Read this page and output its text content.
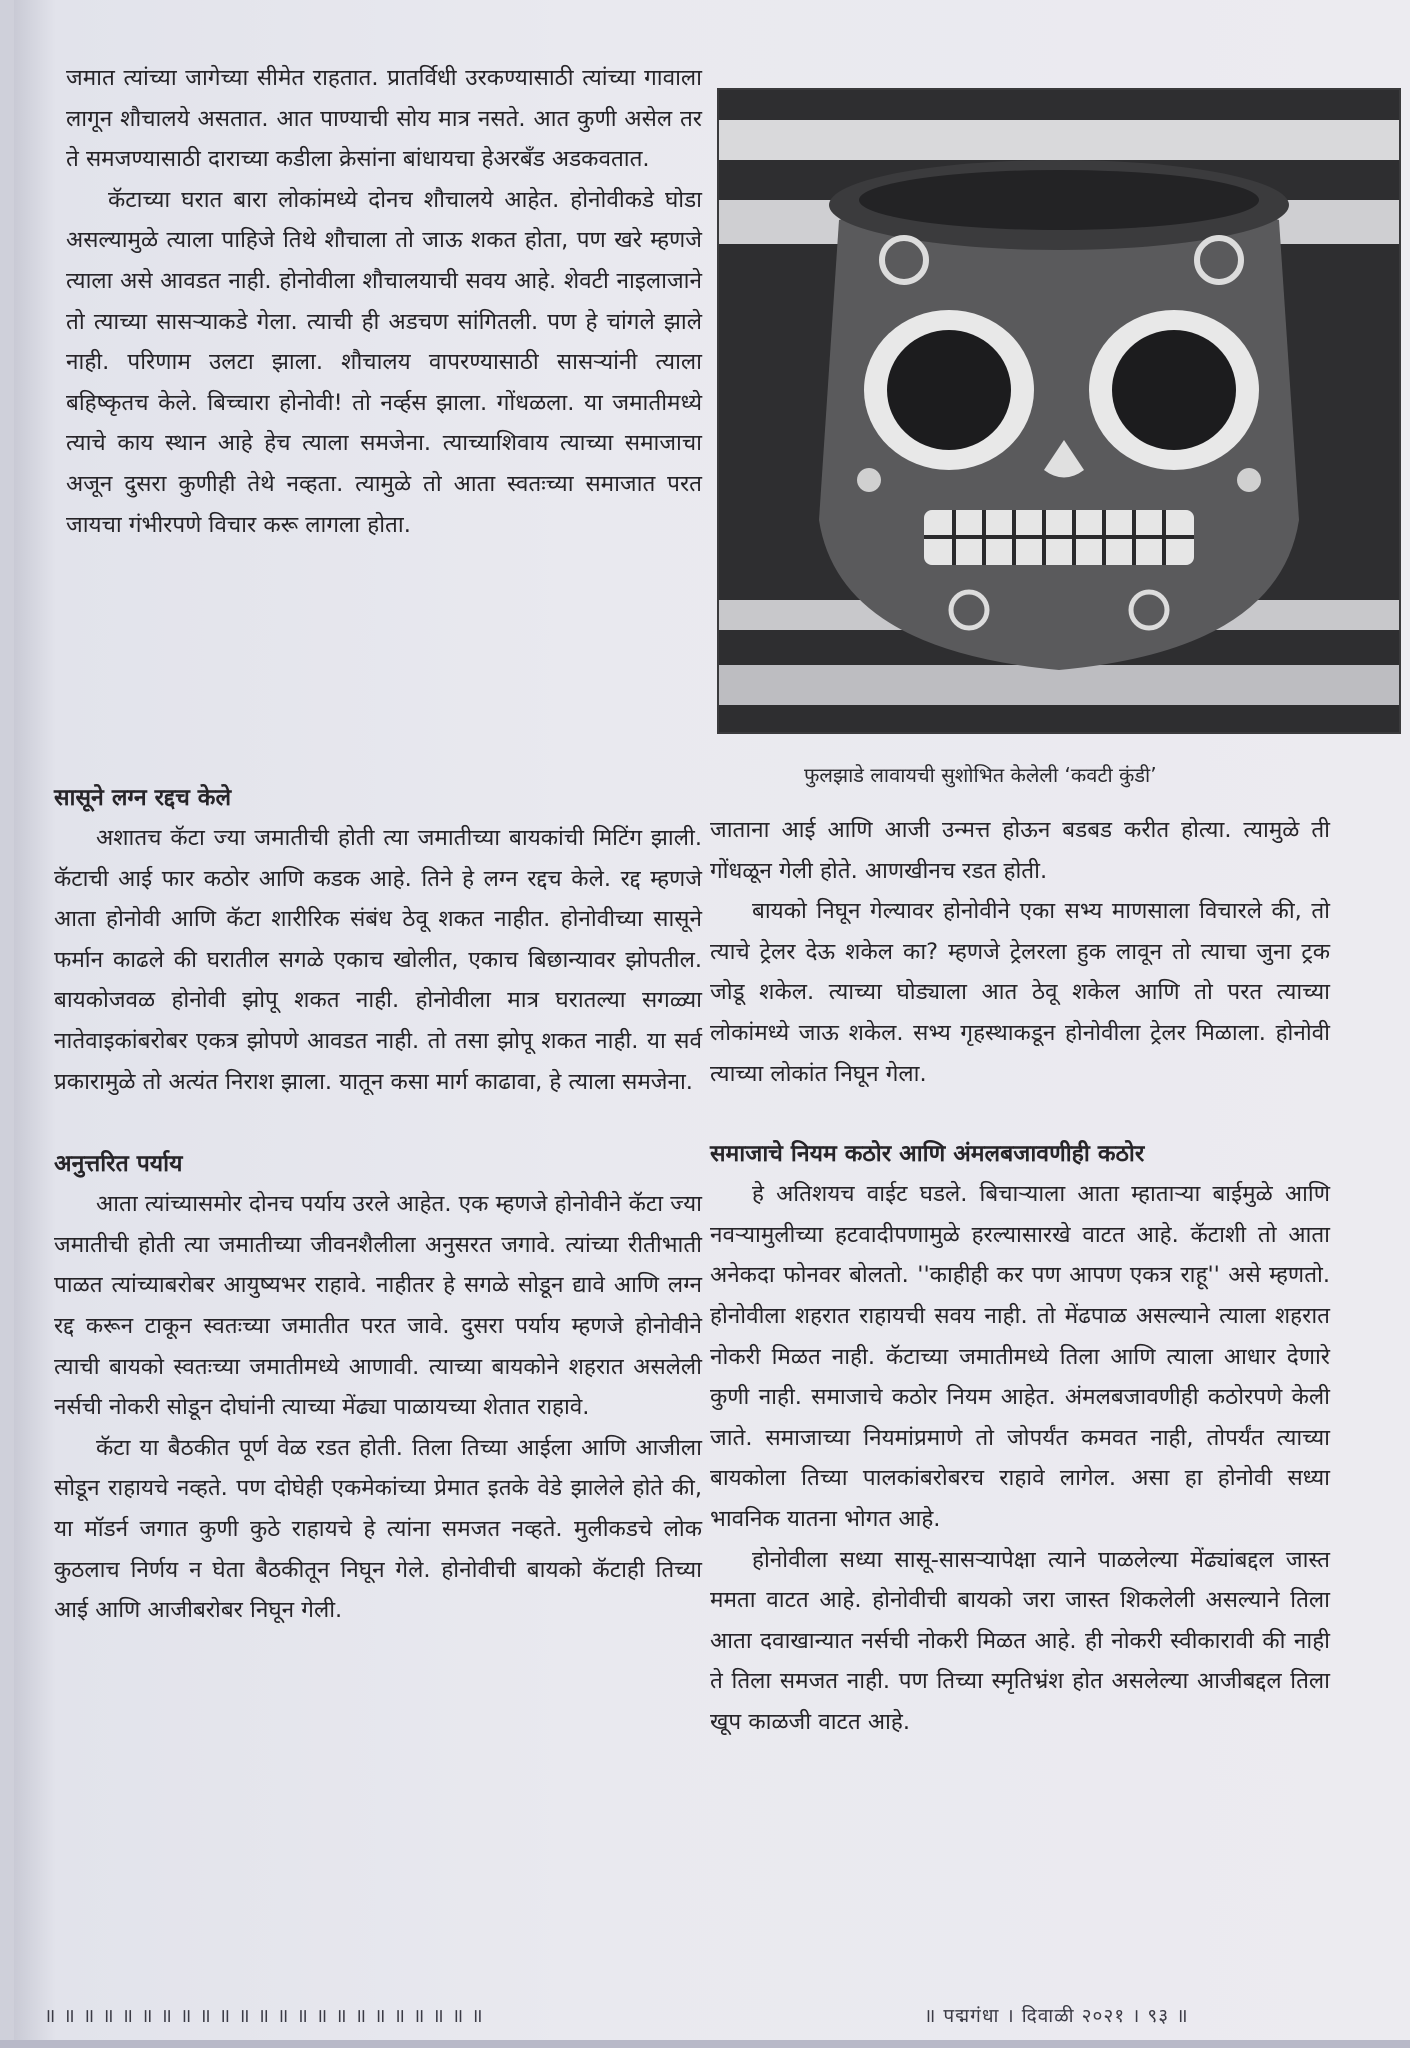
जमात त्यांच्या जागेच्या सीमेत राहतात. प्रातर्विधी उरकण्यासाठी त्यांच्या गावाला लागून शौचालये असतात. आत पाण्याची सोय मात्र नसते. आत कुणी असेल तर ते समजण्यासाठी दाराच्या कडीला क्रेसांना बांधायचा हेअरबँड अडकवतात.

कॅटाच्या घरात बारा लोकांमध्ये दोनच शौचालये आहेत. होनोवीकडे घोडा असल्यामुळे त्याला पाहिजे तिथे शौचाला तो जाऊ शकत होता, पण खरे म्हणजे त्याला असे आवडत नाही. होनोवीला शौचालयाची सवय आहे. शेवटी नाइलाजाने तो त्याच्या सासऱ्याकडे गेला. त्याची ही अडचण सांगितली. पण हे चांगले झाले नाही. परिणाम उलटा झाला. शौचालय वापरण्यासाठी सासऱ्यांनी त्याला बहिष्कृतच केले. बिच्चारा होनोवी! तो नर्व्हस झाला. गोंधळला. या जमातीमध्ये त्याचे काय स्थान आहे हेच त्याला समजेना. त्याच्याशिवाय त्याच्या समाजाचा अजून दुसरा कुणीही तेथे नव्हता. त्यामुळे तो आता स्वतःच्या समाजात परत जायचा गंभीरपणे विचार करू लागला होता.

सासूने लग्न रद्दच केले

अशातच कॅटा ज्या जमातीची होती त्या जमातीच्या बायकांची मिटिंग झाली. कॅटाची आई फार कठोर आणि कडक आहे. तिने हे लग्न रद्दच केले. रद्द म्हणजे आता होनोवी आणि कॅटा शारीरिक संबंध ठेवू शकत नाहीत. होनोवीच्या सासूने फर्मान काढले की घरातील सगळे एकाच खोलीत, एकाच बिछान्यावर झोपतील. बायकोजवळ होनोवी झोपू शकत नाही. होनोवीला मात्र घरातल्या सगळ्या नातेवाइकांबरोबर एकत्र झोपणे आवडत नाही. तो तसा झोपू शकत नाही. या सर्व प्रकारामुळे तो अत्यंत निराश झाला. यातून कसा मार्ग काढावा, हे त्याला समजेना.

अनुत्तरित पर्याय

आता त्यांच्यासमोर दोनच पर्याय उरले आहेत. एक म्हणजे होनोवीने कॅटा ज्या जमातीची होती त्या जमातीच्या जीवनशैलीला अनुसरत जगावे. त्यांच्या रीतीभाती पाळत त्यांच्याबरोबर आयुष्यभर राहावे. नाहीतर हे सगळे सोडून द्यावे आणि लग्न रद्द करून टाकून स्वतःच्या जमातीत परत जावे. दुसरा पर्याय म्हणजे होनोवीने त्याची बायको स्वतःच्या जमातीमध्ये आणावी. त्याच्या बायकोने शहरात असलेली नर्सची नोकरी सोडून दोघांनी त्याच्या मेंढ्या पाळायच्या शेतात राहावे.

कॅटा या बैठकीत पूर्ण वेळ रडत होती. तिला तिच्या आईला आणि आजीला सोडून राहायचे नव्हते. पण दोघेही एकमेकांच्या प्रेमात इतके वेडे झालेले होते की, या मॉडर्न जगात कुणी कुठे राहायचे हे त्यांना समजत नव्हते. मुलीकडचे लोक कुठलाच निर्णय न घेता बैठकीतून निघून गेले. होनोवीची बायको कॅटाही तिच्या आई आणि आजीबरोबर निघून गेली.

फुलझाडे लावायची सुशोभित केलेली ‘कवटी कुंडी’

जाताना आई आणि आजी उन्मत्त होऊन बडबड करीत होत्या. त्यामुळे ती गोंधळून गेली होते. आणखीनच रडत होती.

बायको निघून गेल्यावर होनोवीने एका सभ्य माणसाला विचारले की, तो त्याचे ट्रेलर देऊ शकेल का? म्हणजे ट्रेलरला हुक लावून तो त्याचा जुना ट्रक जोडू शकेल. त्याच्या घोड्याला आत ठेवू शकेल आणि तो परत त्याच्या लोकांमध्ये जाऊ शकेल. सभ्य गृहस्थाकडून होनोवीला ट्रेलर मिळाला. होनोवी त्याच्या लोकांत निघून गेला.

समाजाचे नियम कठोर आणि अंमलबजावणीही कठोर

हे अतिशयच वाईट घडले. बिचाऱ्याला आता म्हाताऱ्या बाईमुळे आणि नवऱ्यामुलीच्या हटवादीपणामुळे हरल्यासारखे वाटत आहे. कॅटाशी तो आता अनेकदा फोनवर बोलतो. ''काहीही कर पण आपण एकत्र राहू'' असे म्हणतो. होनोवीला शहरात राहायची सवय नाही. तो मेंढपाळ असल्याने त्याला शहरात नोकरी मिळत नाही. कॅटाच्या जमातीमध्ये तिला आणि त्याला आधार देणारे कुणी नाही. समाजाचे कठोर नियम आहेत. अंमलबजावणीही कठोरपणे केली जाते. समाजाच्या नियमांप्रमाणे तो जोपर्यंत कमवत नाही, तोपर्यंत त्याच्या बायकोला तिच्या पालकांबरोबरच राहावे लागेल. असा हा होनोवी सध्या भावनिक यातना भोगत आहे.

होनोवीला सध्या सासू-सासऱ्यापेक्षा त्याने पाळलेल्या मेंढ्यांबद्दल जास्त ममता वाटत आहे. होनोवीची बायको जरा जास्त शिकलेली असल्याने तिला आता दवाखान्यात नर्सची नोकरी मिळत आहे. ही नोकरी स्वीकारावी की नाही ते तिला समजत नाही. पण तिच्या स्मृतिभ्रंश होत असलेल्या आजीबद्दल तिला खूप काळजी वाटत आहे.

॥ ॥ ॥ ॥ ॥ ॥ ॥ ॥ ॥ ॥ ॥ ॥ ॥ ॥ ॥ ॥ ॥ ॥ ॥ ॥ ॥ ॥ ॥	॥ पद्मगंधा । दिवाळी २०२१ । ९३ ॥
